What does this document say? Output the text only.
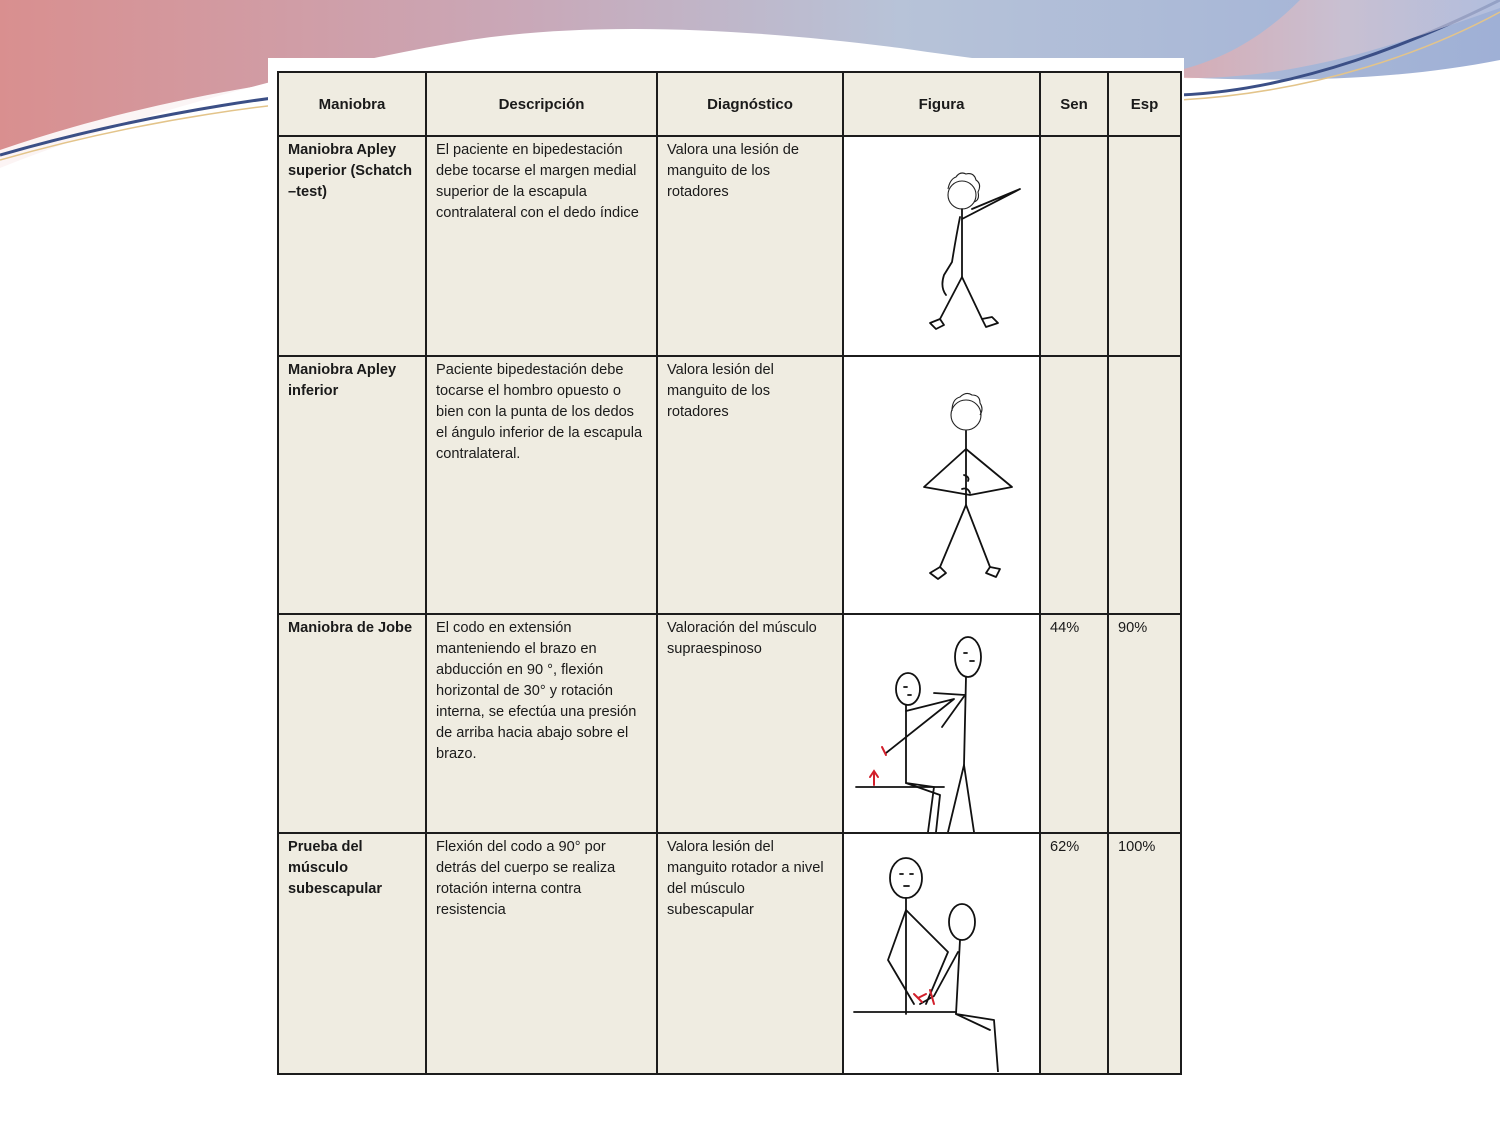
Maniobra	Descripción	Diagnóstico	Figura	Sen	Esp

Maniobra Apley superior (Schatch –test)	El paciente en bipedestación debe tocarse el margen medial superior de la escapula contralateral con el dedo índice	Valora una lesión de manguito de los rotadores

Maniobra Apley inferior	Paciente bipedestación debe tocarse el hombro opuesto o bien con la punta de los dedos el ángulo inferior de la escapula contralateral.	Valora lesión del manguito de los rotadores

Maniobra de Jobe	El codo en extensión manteniendo el brazo en abducción en 90 °, flexión horizontal de 30° y rotación interna, se efectúa una presión de arriba hacia abajo sobre el brazo.	Valoración del músculo supraespinoso		44%	90%

Prueba del músculo subescapular	Flexión del codo a 90° por detrás del cuerpo se realiza rotación interna contra resistencia	Valora lesión del manguito rotador a nivel del músculo subescapular		62%	100%
